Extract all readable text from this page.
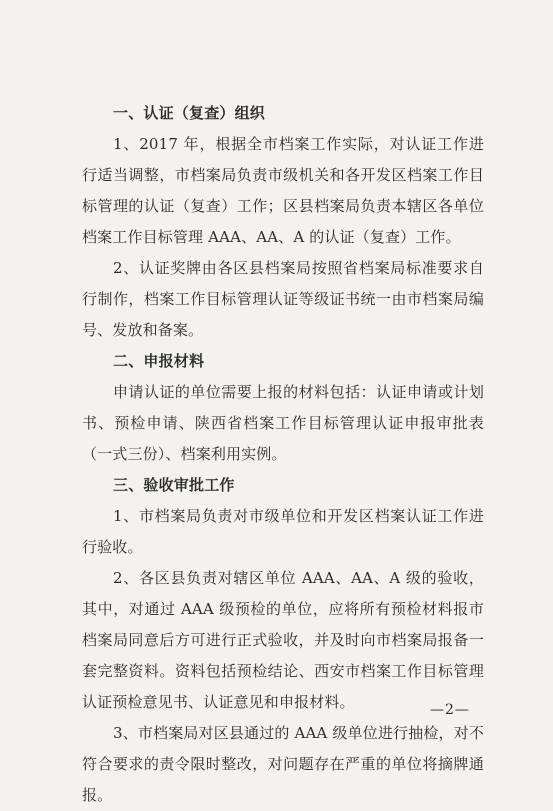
一、认证（复查）组织

1、2017 年，根据全市档案工作实际，对认证工作进行适当调整，市档案局负责市级机关和各开发区档案工作目标管理的认证（复查）工作；区县档案局负责本辖区各单位档案工作目标管理 AAA、AA、A 的认证（复查）工作。

2、认证奖牌由各区县档案局按照省档案局标准要求自行制作，档案工作目标管理认证等级证书统一由市档案局编号、发放和备案。

二、申报材料

申请认证的单位需要上报的材料包括：认证申请或计划书、预检申请、陕西省档案工作目标管理认证申报审批表（一式三份）、档案利用实例。

三、验收审批工作

1、市档案局负责对市级单位和开发区档案认证工作进行验收。

2、各区县负责对辖区单位 AAA、AA、A 级的验收，其中，对通过 AAA 级预检的单位，应将所有预检材料报市档案局同意后方可进行正式验收，并及时向市档案局报备一套完整资料。资料包括预检结论、西安市档案工作目标管理认证预检意见书、认证意见和申报材料。

3、市档案局对区县通过的 AAA 级单位进行抽检，对不符合要求的责令限时整改，对问题存在严重的单位将摘牌通报。

—2—
